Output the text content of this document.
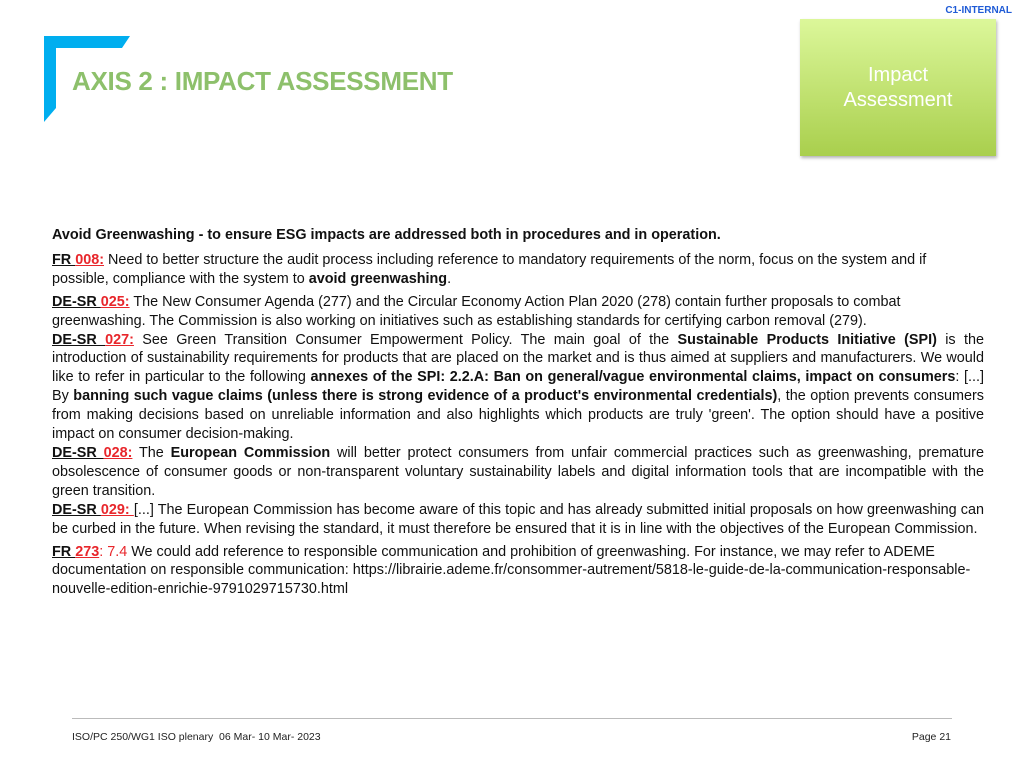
C1-INTERNAL
AXIS 2 : IMPACT ASSESSMENT	Impact
Assessment

Avoid Greenwashing - to ensure ESG impacts are addressed both in procedures and in operation.

FR 008: Need to better structure the audit process including reference to mandatory requirements of the norm, focus on the system and if possible, compliance with the system to avoid greenwashing.

DE-SR 025: The New Consumer Agenda (277) and the Circular Economy Action Plan 2020 (278) contain further proposals to combat greenwashing. The Commission is also working on initiatives such as establishing standards for certifying carbon removal (279).

DE-SR 027: See Green Transition Consumer Empowerment Policy. The main goal of the Sustainable Products Initiative (SPI) is the introduction of sustainability requirements for products that are placed on the market and is thus aimed at suppliers and manufacturers. We would like to refer in particular to the following annexes of the SPI: 2.2.A: Ban on general/vague environmental claims, impact on consumers: [...] By banning such vague claims (unless there is strong evidence of a product's environmental credentials), the option prevents consumers from making decisions based on unreliable information and also highlights which products are truly 'green'. The option should have a positive impact on consumer decision-making.

DE-SR 028: The European Commission will better protect consumers from unfair commercial practices such as greenwashing, premature obsolescence of consumer goods or non-transparent voluntary sustainability labels and digital information tools that are incompatible with the green transition.

DE-SR 029: [...] The European Commission has become aware of this topic and has already submitted initial proposals on how greenwashing can be curbed in the future. When revising the standard, it must therefore be ensured that it is in line with the objectives of the European Commission.

FR 273: 7.4 We could add reference to responsible communication and prohibition of greenwashing. For instance, we may refer to ADEME documentation on responsible communication: https://librairie.ademe.fr/consommer-autrement/5818-le-guide-de-la-communication-responsable-nouvelle-edition-enrichie-9791029715730.html

ISO/PC 250/WG1 ISO plenary  06 Mar- 10 Mar- 2023	Page 21
